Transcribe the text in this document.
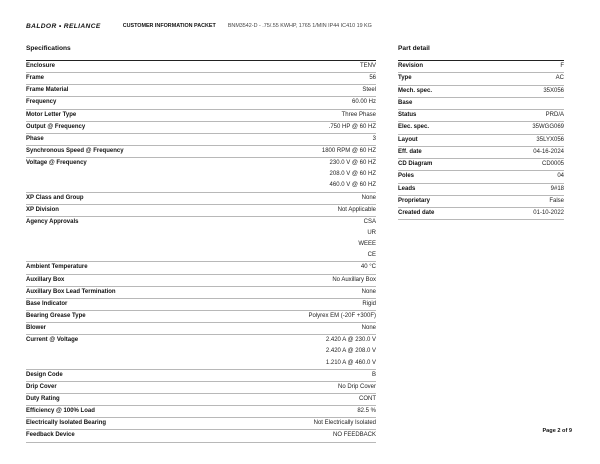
BALDOR • RELIANCE	CUSTOMER INFORMATION PACKET BNM3542-D - .75/.55 KWHP, 1765 1/MIN IP44 IC410 19 KG
Specifications
Enclosure	TENV
Frame	56
Frame Material	Steel
Frequency	60.00 Hz
Motor Letter Type	Three Phase
Output @ Frequency	.750 HP @ 60 HZ
Phase	3
Synchronous Speed @ Frequency	1800 RPM @ 60 HZ
Voltage @ Frequency	230.0 V @ 60 HZ
208.0 V @ 60 HZ
460.0 V @ 60 HZ
XP Class and Group	None
XP Division	Not Applicable
Agency Approvals	CSA
UR
WEEE
CE
Ambient Temperature	40 °C
Auxillary Box	No Auxillary Box
Auxillary Box Lead Termination	None
Base Indicator	Rigid
Bearing Grease Type	Polyrex EM (-20F +300F)
Blower	None
Current @ Voltage	2.420 A @ 230.0 V
2.420 A @ 208.0 V
1.210 A @ 460.0 V
Design Code	B
Drip Cover	No Drip Cover
Duty Rating	CONT
Efficiency @ 100% Load	82.5 %
Electrically Isolated Bearing	Not Electrically Isolated
Feedback Device	NO FEEDBACK
Part detail
Revision	F
Type	AC
Mech. spec.	35X056
Base
Status	PRD/A
Elec. spec.	35WGG069
Layout	35LYX056
Eff. date	04-16-2024
CD Diagram	CD0005
Poles	04
Leads	9#18
Proprietary	False
Created date	01-10-2022
Page 2 of 9
